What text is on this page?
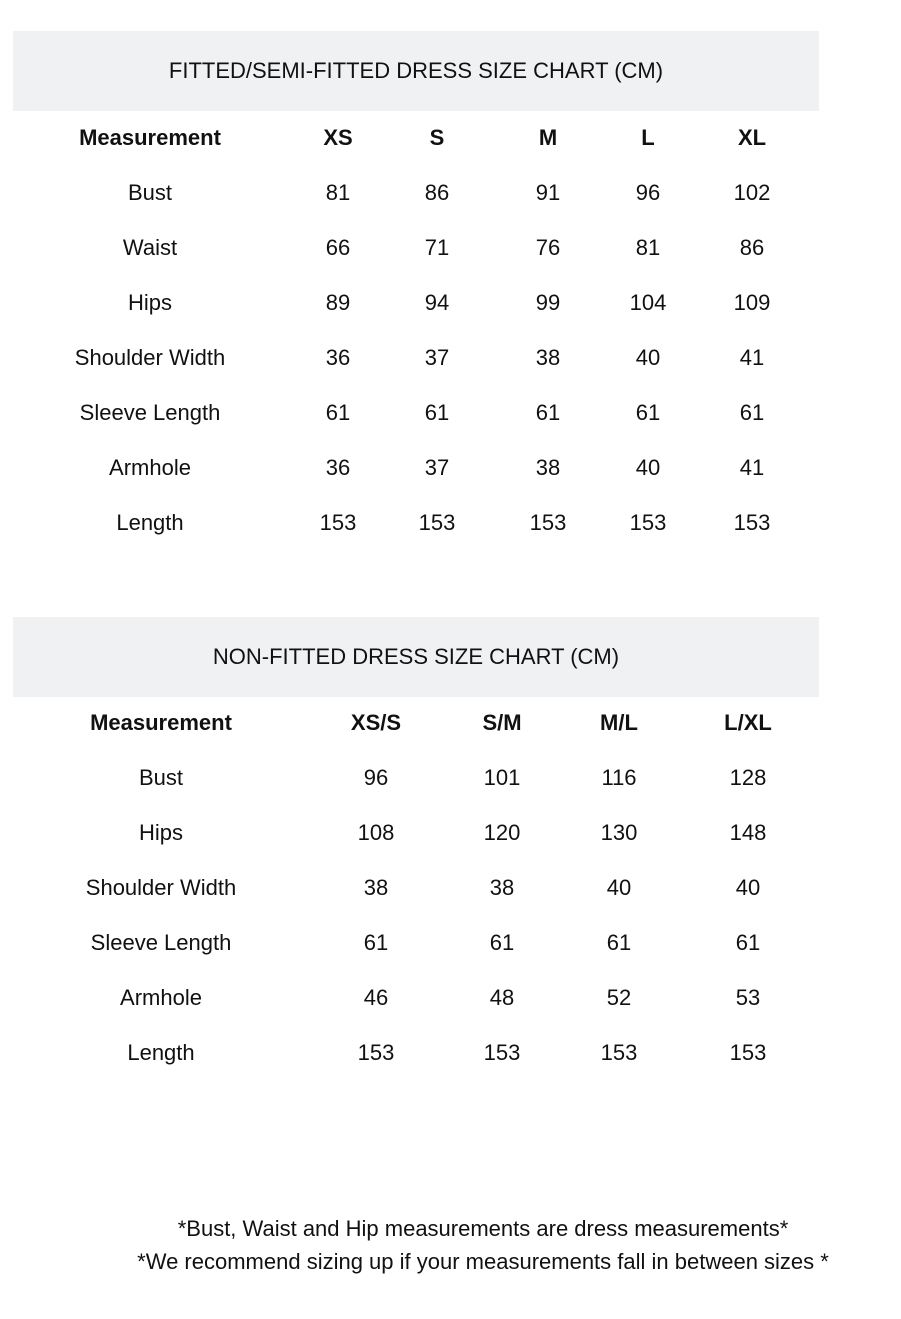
FITTED/SEMI-FITTED DRESS SIZE CHART (CM)
Measurement	XS	S	M	L	XL
Bust	81	86	91	96	102
Waist	66	71	76	81	86
Hips	89	94	99	104	109
Shoulder Width	36	37	38	40	41
Sleeve Length	61	61	61	61	61
Armhole	36	37	38	40	41
Length	153	153	153	153	153
NON-FITTED DRESS SIZE CHART (CM)
Measurement	XS/S	S/M	M/L	L/XL
Bust	96	101	116	128
Hips	108	120	130	148
Shoulder Width	38	38	40	40
Sleeve Length	61	61	61	61
Armhole	46	48	52	53
Length	153	153	153	153
*Bust, Waist and Hip measurements are dress measurements*
*We recommend sizing up if your measurements fall in between sizes *
